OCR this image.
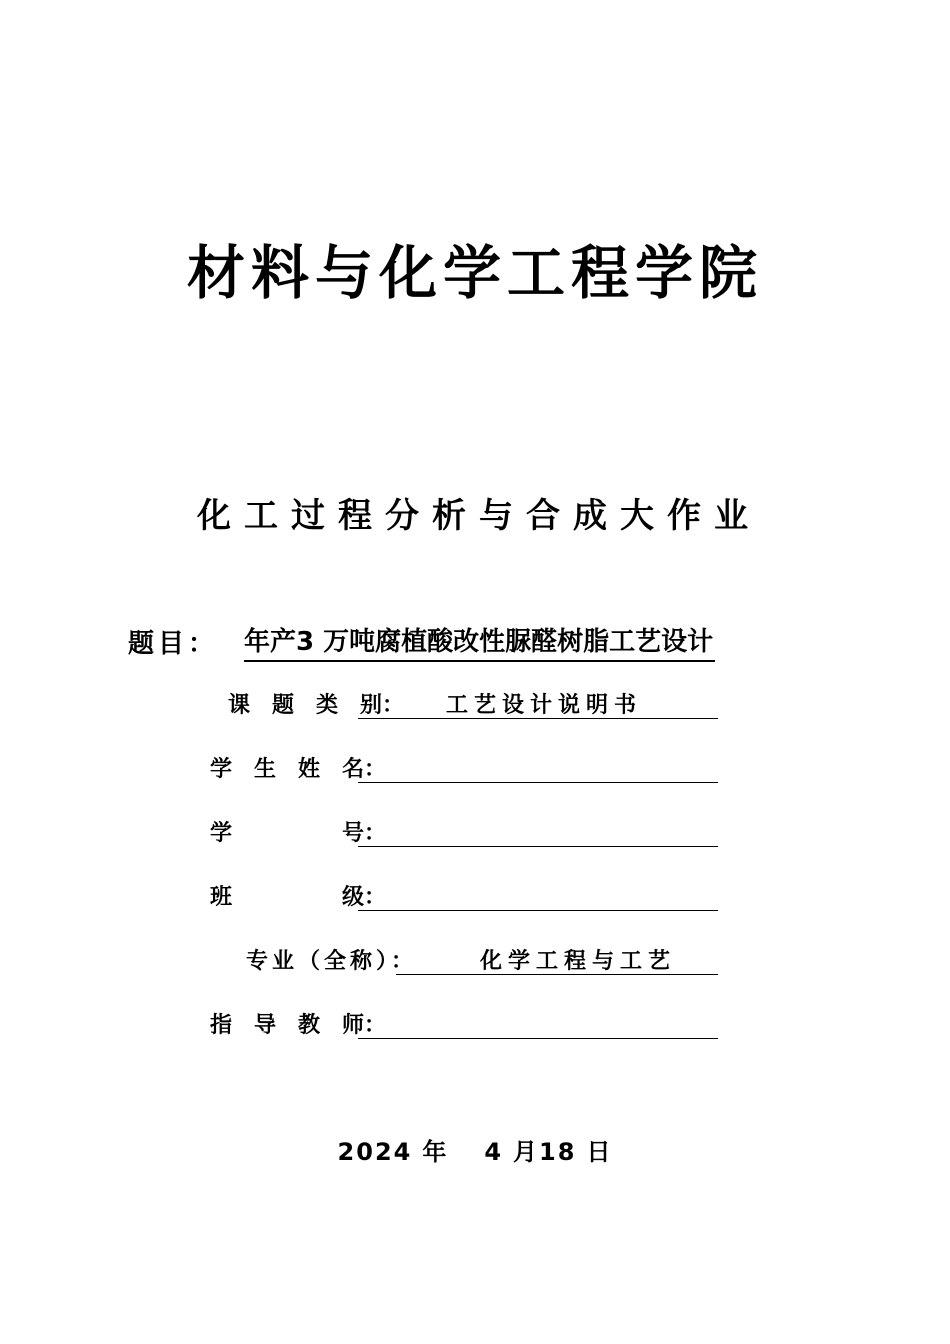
材料与化学工程学院
化工过程分析与合成大作业
题目： 年产3 万吨腐植酸改性脲醛树脂工艺设计
课　题　类　别： 工艺设计说明书
学　生　姓　名：
学　　　　　号：
班　　　　　级：
专业（全称）：	化学工程与工艺
指　导　教　师：
2024 年 4 月18 日
